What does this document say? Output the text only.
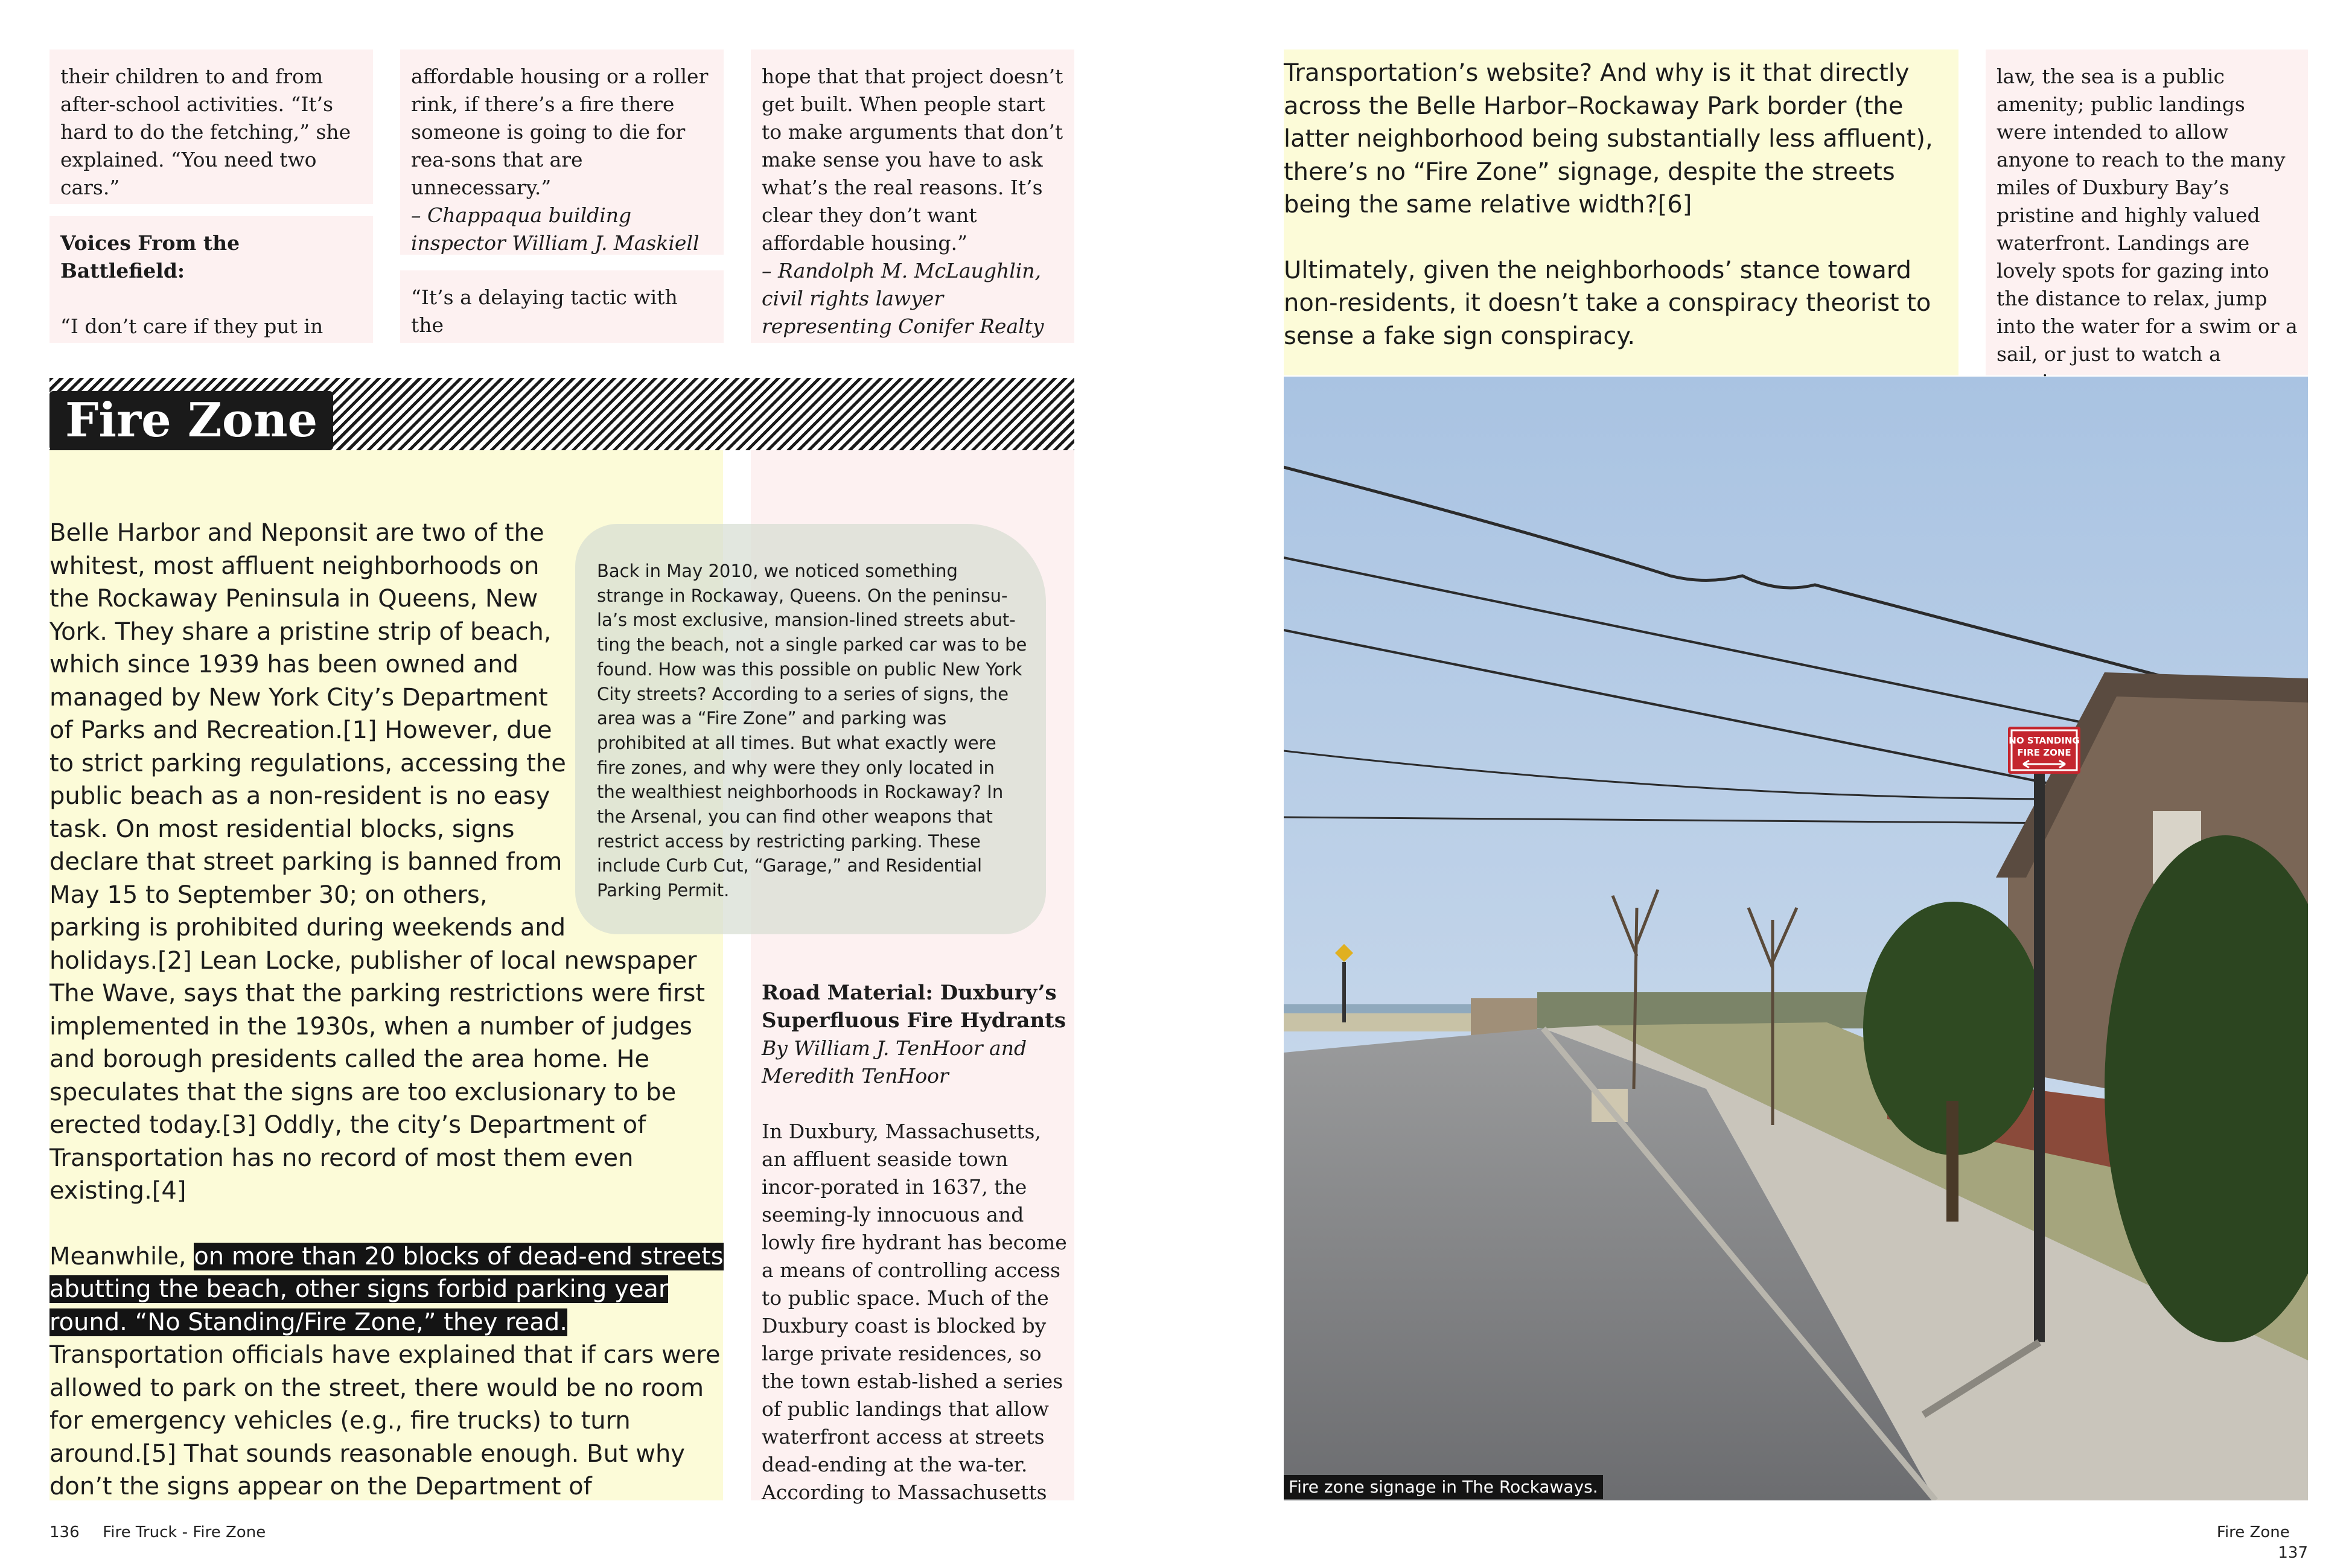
their children to and from after-school activities. “It’s hard to do the fetching,” she explained. “You need two cars.”

Voices From the Battlefield:

“I don’t care if they put in

affordable housing or a roller rink, if there’s a fire there someone is going to die for rea-sons that are unnecessary.”

– Chappaqua building inspector William J. Maskiell

“It’s a delaying tactic with the

hope that that project doesn’t get built. When people start to make arguments that don’t make sense you have to ask what’s the real reasons. It’s clear they don’t want affordable housing.”

– Randolph M. McLaughlin, civil rights lawyer representing Conifer Realty

Fire Zone

Belle Harbor and Neponsit are two of the whitest, most affluent neighborhoods on the Rockaway Peninsula in Queens, New York. They share a pristine strip of beach, which since 1939 has been owned and managed by New York City’s Department of Parks and Recreation.[1] However, due to strict parking regulations, accessing the public beach as a non-resident is no easy task. On most residential blocks, signs declare that street parking is banned from May 15 to September 30; on others, parking is prohibited during weekends and holidays.[2] Lean Locke, publisher of local newspaper The Wave, says that the parking restrictions were first implemented in the 1930s, when a number of judges and borough presidents called the area home. He speculates that the signs are too exclusionary to be erected today.[3] Oddly, the city’s Department of Transportation has no record of most them even existing.[4]

Meanwhile, on more than 20 blocks of dead-end streets abutting the beach, other signs forbid parking year round. “No Standing/Fire Zone,” they read. Transportation officials have explained that if cars were allowed to park on the street, there would be no room for emergency vehicles (e.g., fire trucks) to turn around.[5] That sounds reasonable enough. But why don’t the signs appear on the Department of

Back in May 2010, we noticed something strange in Rockaway, Queens. On the peninsu-la’s most exclusive, mansion-lined streets abut-ting the beach, not a single parked car was to be found. How was this possible on public New York City streets? According to a series of signs, the area was a “Fire Zone” and parking was prohibited at all times. But what exactly were fire zones, and why were they only located in the wealthiest neighborhoods in Rockaway? In the Arsenal, you can find other weapons that restrict access by restricting parking. These include Curb Cut, “Garage,” and Residential Parking Permit.
Road Material: Duxbury’s Superfluous Fire Hydrants
By William J. TenHoor and Meredith TenHoor
In Duxbury, Massachusetts, an affluent seaside town incor-porated in 1637, the seeming-ly innocuous and lowly fire hydrant has become a means of controlling access to public space. Much of the Duxbury coast is blocked by large private residences, so the town estab-lished a series of public landings that allow waterfront access at streets dead-ending at the wa-ter. According to Massachusetts
136 Fire Truck - Fire Zone

Transportation’s website? And why is it that directly across the Belle Harbor–Rockaway Park border (the latter neighborhood being substantially less affluent), there’s no “Fire Zone” signage, despite the streets being the same relative width?[6]

Ultimately, given the neighborhoods’ stance toward non-residents, it doesn’t take a conspiracy theorist to sense a fake sign conspiracy.

law, the sea is a public amenity; public landings were intended to allow anyone to reach to the many miles of Duxbury Bay’s pristine and highly valued waterfront. Landings are lovely spots for gazing into the distance to relax, jump into the water for a swim or a sail, or just to watch a
NO STANDING
FIRE ZONE
Fire zone signage in The Rockaways.
Fire Zone  137
